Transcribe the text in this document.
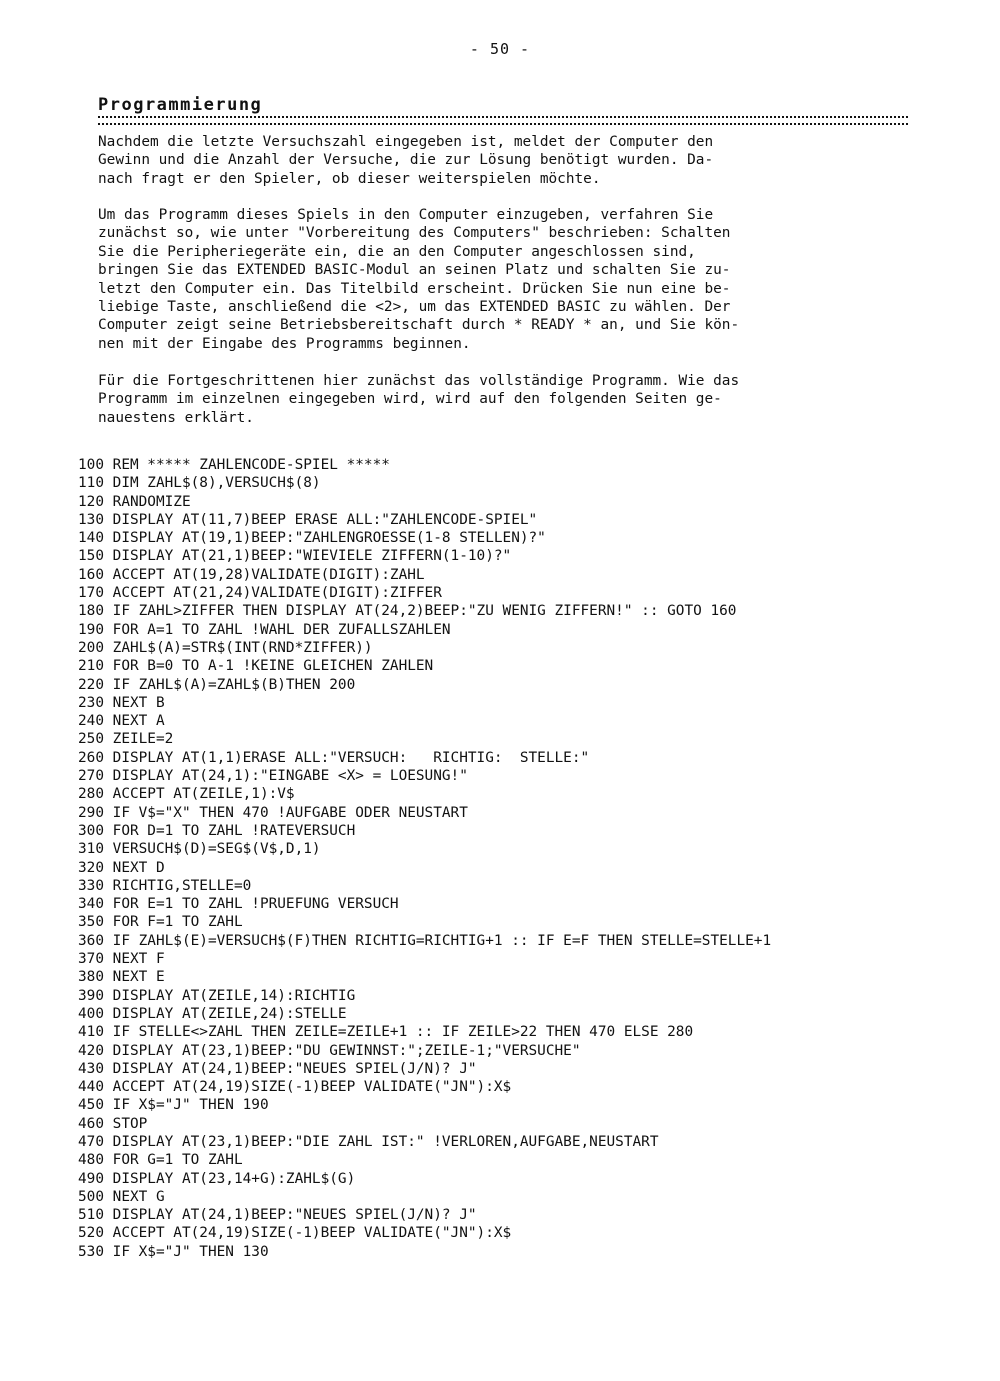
- 50 -
Programmierung
Nachdem die letzte Versuchszahl eingegeben ist, meldet der Computer den
Gewinn und die Anzahl der Versuche, die zur Lösung benötigt wurden. Da-
nach fragt er den Spieler, ob dieser weiterspielen möchte.
Um das Programm dieses Spiels in den Computer einzugeben, verfahren Sie
zunächst so, wie unter "Vorbereitung des Computers" beschrieben: Schalten
Sie die Peripheriegeräte ein, die an den Computer angeschlossen sind,
bringen Sie das EXTENDED BASIC-Modul an seinen Platz und schalten Sie zu-
letzt den Computer ein. Das Titelbild erscheint. Drücken Sie nun eine be-
liebige Taste, anschließend die <2>, um das EXTENDED BASIC zu wählen. Der
Computer zeigt seine Betriebsbereitschaft durch * READY * an, und Sie kön-
nen mit der Eingabe des Programms beginnen.
Für die Fortgeschrittenen hier zunächst das vollständige Programm. Wie das
Programm im einzelnen eingegeben wird, wird auf den folgenden Seiten ge-
nauestens erklärt.
100 REM ***** ZAHLENCODE-SPIEL *****
110 DIM ZAHL$(8),VERSUCH$(8)
120 RANDOMIZE
130 DISPLAY AT(11,7)BEEP ERASE ALL:"ZAHLENCODE-SPIEL"
140 DISPLAY AT(19,1)BEEP:"ZAHLENGROESSE(1-8 STELLEN)?"
150 DISPLAY AT(21,1)BEEP:"WIEVIELE ZIFFERN(1-10)?"
160 ACCEPT AT(19,28)VALIDATE(DIGIT):ZAHL
170 ACCEPT AT(21,24)VALIDATE(DIGIT):ZIFFER
180 IF ZAHL>ZIFFER THEN DISPLAY AT(24,2)BEEP:"ZU WENIG ZIFFERN!" :: GOTO 160
190 FOR A=1 TO ZAHL !WAHL DER ZUFALLSZAHLEN
200 ZAHL$(A)=STR$(INT(RND*ZIFFER))
210 FOR B=0 TO A-1 !KEINE GLEICHEN ZAHLEN
220 IF ZAHL$(A)=ZAHL$(B)THEN 200
230 NEXT B
240 NEXT A
250 ZEILE=2
260 DISPLAY AT(1,1)ERASE ALL:"VERSUCH:   RICHTIG:  STELLE:"
270 DISPLAY AT(24,1):"EINGABE <X> = LOESUNG!"
280 ACCEPT AT(ZEILE,1):V$
290 IF V$="X" THEN 470 !AUFGABE ODER NEUSTART
300 FOR D=1 TO ZAHL !RATEVERSUCH
310 VERSUCH$(D)=SEG$(V$,D,1)
320 NEXT D
330 RICHTIG,STELLE=0
340 FOR E=1 TO ZAHL !PRUEFUNG VERSUCH
350 FOR F=1 TO ZAHL
360 IF ZAHL$(E)=VERSUCH$(F)THEN RICHTIG=RICHTIG+1 :: IF E=F THEN STELLE=STELLE+1
370 NEXT F
380 NEXT E
390 DISPLAY AT(ZEILE,14):RICHTIG
400 DISPLAY AT(ZEILE,24):STELLE
410 IF STELLE<>ZAHL THEN ZEILE=ZEILE+1 :: IF ZEILE>22 THEN 470 ELSE 280
420 DISPLAY AT(23,1)BEEP:"DU GEWINNST:";ZEILE-1;"VERSUCHE"
430 DISPLAY AT(24,1)BEEP:"NEUES SPIEL(J/N)? J"
440 ACCEPT AT(24,19)SIZE(-1)BEEP VALIDATE("JN"):X$
450 IF X$="J" THEN 190
460 STOP
470 DISPLAY AT(23,1)BEEP:"DIE ZAHL IST:" !VERLOREN,AUFGABE,NEUSTART
480 FOR G=1 TO ZAHL
490 DISPLAY AT(23,14+G):ZAHL$(G)
500 NEXT G
510 DISPLAY AT(24,1)BEEP:"NEUES SPIEL(J/N)? J"
520 ACCEPT AT(24,19)SIZE(-1)BEEP VALIDATE("JN"):X$
530 IF X$="J" THEN 130
